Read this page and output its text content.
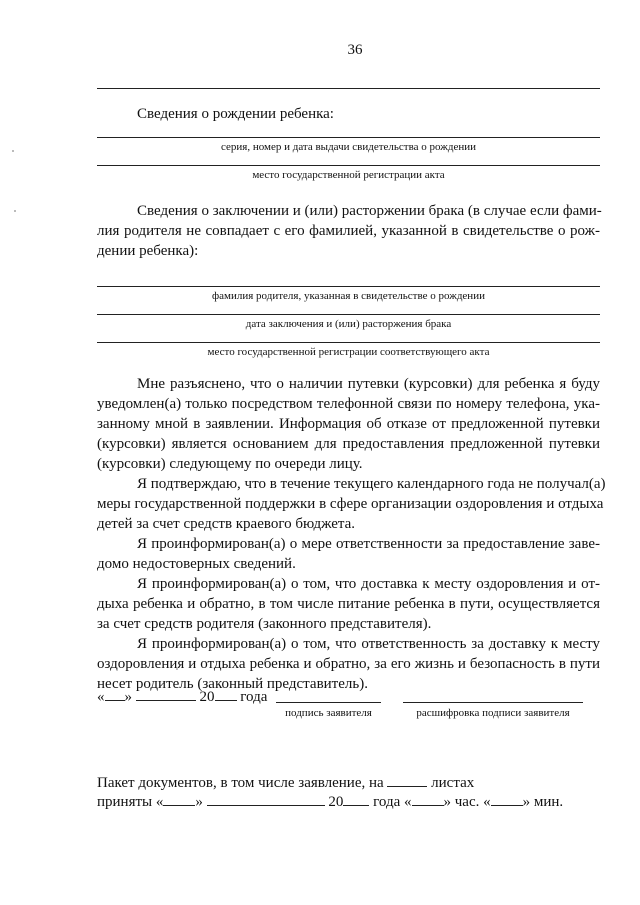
36
Сведения о рождении ребенка:
серия, номер и дата выдачи свидетельства о рождении
место государственной регистрации акта
Сведения о заключении и (или) расторжении брака (в случае если фами-
лия родителя не совпадает с его фамилией, указанной в свидетельстве о рож-
дении ребенка):
фамилия родителя, указанная в свидетельстве о рождении
дата заключения и (или) расторжения брака
место государственной регистрации соответствующего акта
Мне разъяснено, что о наличии путевки (курсовки) для ребенка я буду
уведомлен(а) только посредством телефонной связи по номеру телефона, ука-
занному мной в заявлении. Информация об отказе от предложенной путевки
(курсовки) является основанием для предоставления предложенной путевки
(курсовки) следующему по очереди лицу.
Я подтверждаю, что в течение текущего календарного года не получал(а)
меры государственной поддержки в сфере организации оздоровления и отдыха
детей за счет средств краевого бюджета.
Я проинформирован(а) о мере ответственности за предоставление заве-
домо недостоверных сведений.
Я проинформирован(а) о том, что доставка к месту оздоровления и от-
дыха ребенка и обратно, в том числе питание ребенка в пути, осуществляется
за счет средств родителя (законного представителя).
Я проинформирован(а) о том, что ответственность за доставку к месту
оздоровления и отдыха ребенка и обратно, за его жизнь и безопасность в пути
несет родитель (законный представитель).
« »	20 года
подпись заявителя	расшифровка подписи заявителя
Пакет документов, в том числе заявление, на	листах
приняты « »	20 года « » час. « » мин.
